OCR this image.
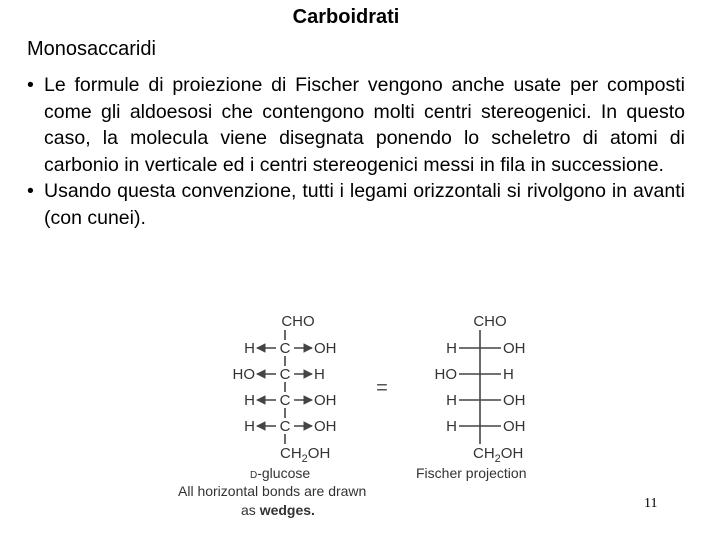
Carboidrati
Monosaccaridi
• Le formule di proiezione di Fischer vengono anche usate per composti come gli aldoesosi che contengono molti centri stereogenici. In questo caso, la molecula viene disegnata ponendo lo scheletro di atomi di carbonio in verticale ed i centri stereogenici messi in fila in successione.
• Usando questa convenzione, tutti i legami orizzontali si rivolgono in avanti (con cunei).
CHO
H C OH
HO C H
H C OH
H C OH
$CH_2OH$
D-glucose
=
CHO
H	OH
HO	H
H	OH
H	OH
$CH_2OH$
Fischer projection
All horizontal bonds are drawn
as wedges.	11
